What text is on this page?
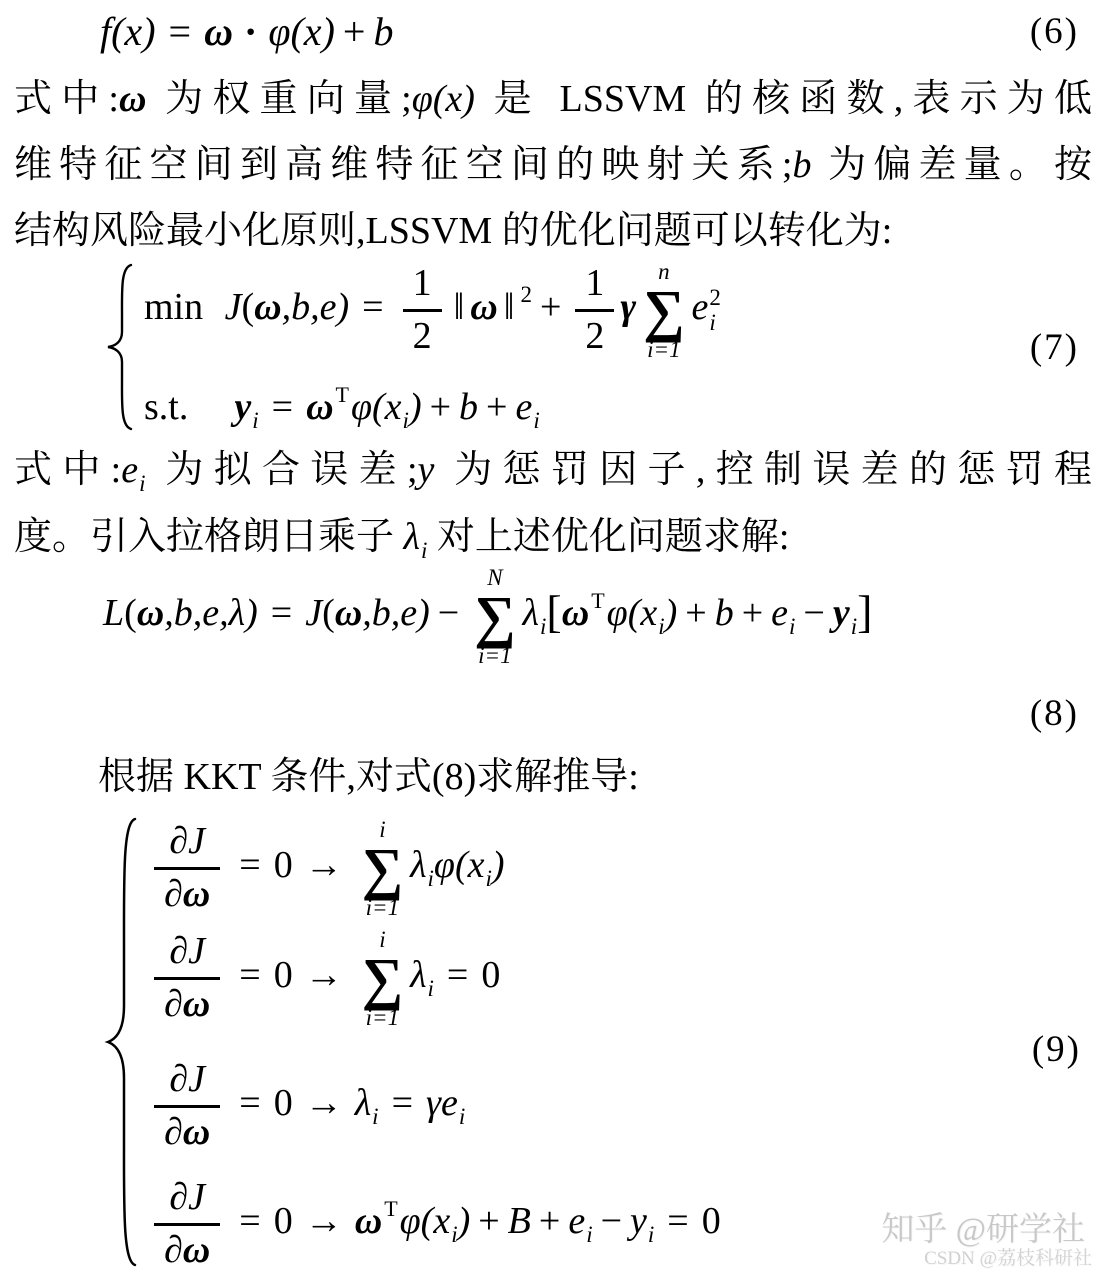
f(x) = ω · φ(x) + b	(6)
式中:ω 为权重向量;φ(x) 是 LSSVM 的核函数,表示为低
维特征空间到高维特征空间的映射关系;b 为偏差量。按
结构风险最小化原则,LSSVM 的优化问题可以转化为:
$\min J(\omega,b,e) = \frac{1}{2}$ ‖ ω ‖ $^2 + \frac{1}{2}$ γ
n
∑
i=1
e 2
i
s.t. $y_i = \omega^T\varphi(x_i) + b + e_i$
(7)
式中$:e_i$ 为拟合误差;y 为惩罚因子,控制误差的惩罚程
度。引入拉格朗日乘子 $\lambda_i$ 对上述优化问题求解:
L(ω,b,e,λ) = J(ω,b,e) −
N
∑
i=1
$\lambda_i[\omega^T\varphi(x_i) + b + e_i - y_i]$
(8)
根据 KKT 条件,对式(8)求解推导:
$\frac{\partial J}{\partial\omega} = 0$ →
i
∑
i=1
$\lambda_i\varphi(x_i)$
$\frac{\partial J}{\partial\omega} = 0$ →
i
∑
i=1
$\lambda_i = 0$
$\frac{\partial J}{\partial\omega} = 0 \to \lambda_i = \gamma e_i$
$\frac{\partial J}{\partial\omega} = 0 \to \omega^T\varphi(x_i) + B + e_i - y_i = 0$
(9)
知乎 @研学社
CSDN @荔枝科研社
